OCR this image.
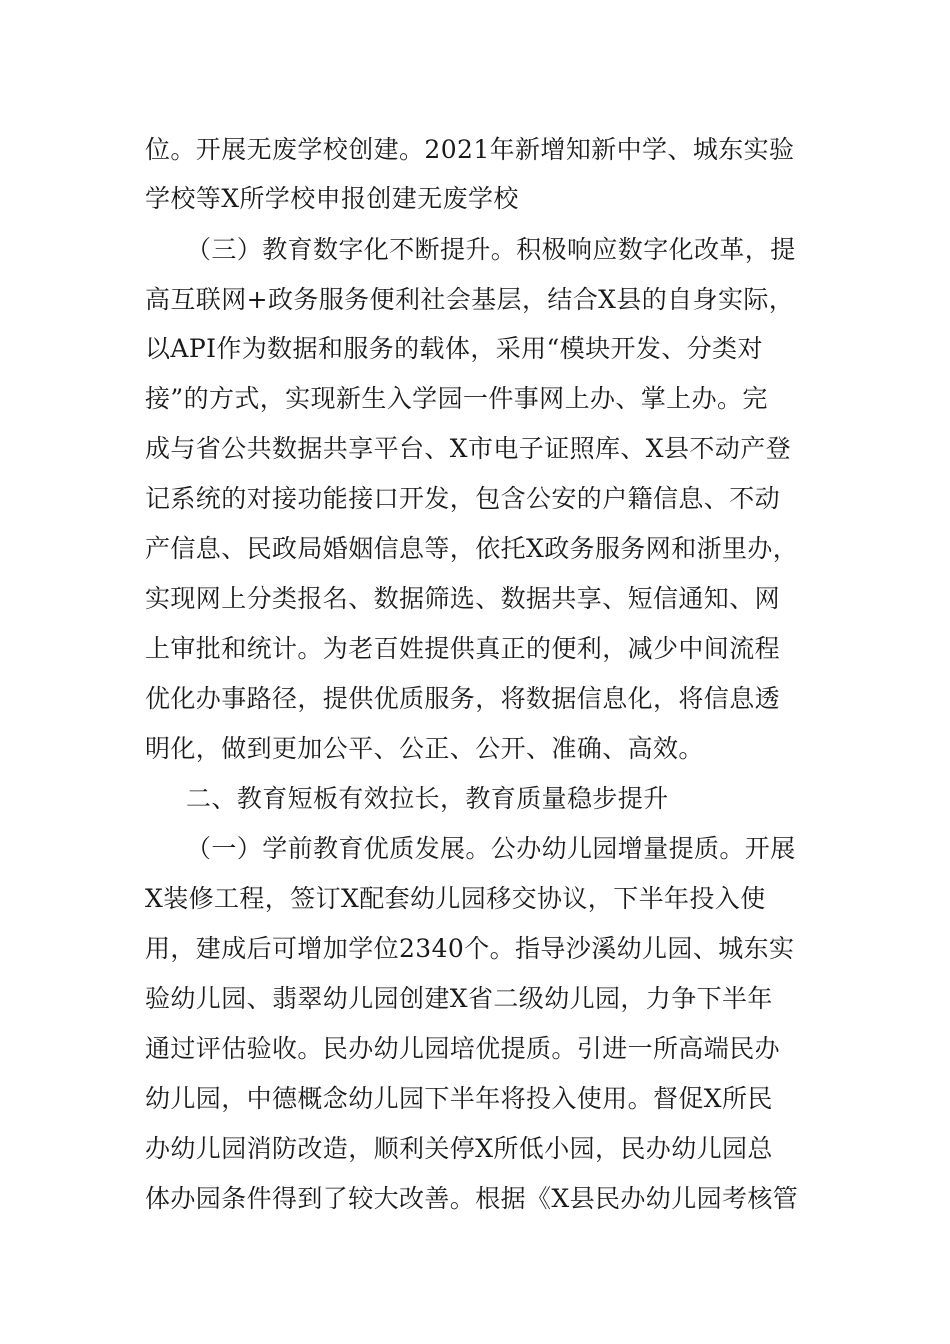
位。开展无废学校创建。2021年新增知新中学、城东实验

学校等X所学校申报创建无废学校

（三）教育数字化不断提升。积极响应数字化改革，提

高互联网+政务服务便利社会基层，结合X县的自身实际，

以API作为数据和服务的载体，采用“模块开发、分类对

接”的方式，实现新生入学园一件事网上办、掌上办。完

成与省公共数据共享平台、X市电子证照库、X县不动产登

记系统的对接功能接口开发，包含公安的户籍信息、不动

产信息、民政局婚姻信息等，依托X政务服务网和浙里办，

实现网上分类报名、数据筛选、数据共享、短信通知、网

上审批和统计。为老百姓提供真正的便利，减少中间流程

优化办事路径，提供优质服务，将数据信息化，将信息透

明化，做到更加公平、公正、公开、准确、高效。

二、教育短板有效拉长，教育质量稳步提升

（一）学前教育优质发展。公办幼儿园增量提质。开展

X装修工程，签订X配套幼儿园移交协议，下半年投入使

用，建成后可增加学位2340个。指导沙溪幼儿园、城东实

验幼儿园、翡翠幼儿园创建X省二级幼儿园，力争下半年

通过评估验收。民办幼儿园培优提质。引进一所高端民办

幼儿园，中德概念幼儿园下半年将投入使用。督促X所民

办幼儿园消防改造，顺利关停X所低小园，民办幼儿园总

体办园条件得到了较大改善。根据《X县民办幼儿园考核管
